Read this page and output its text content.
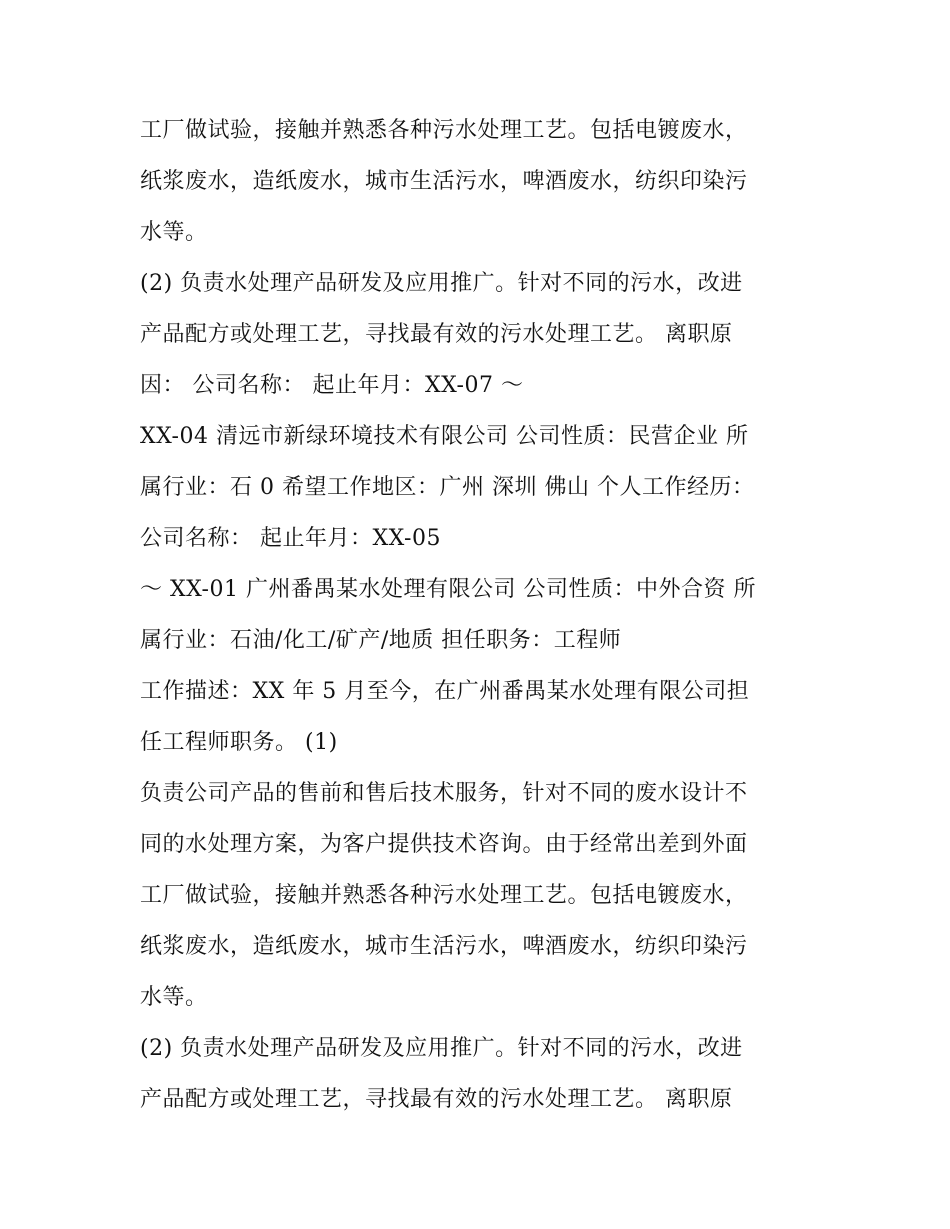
工厂做试验，接触并熟悉各种污水处理工艺。包括电镀废水，
纸浆废水，造纸废水，城市生活污水，啤酒废水，纺织印染污
水等。
(2) 负责水处理产品研发及应用推广。针对不同的污水，改进
产品配方或处理工艺，寻找最有效的污水处理工艺。 离职原
因： 公司名称： 起止年月：XX-07 ～
XX-04 清远市新绿环境技术有限公司 公司性质：民营企业 所
属行业：石 0 希望工作地区：广州 深圳 佛山 个人工作经历：
公司名称： 起止年月：XX-05
～ XX-01 广州番禺某水处理有限公司 公司性质：中外合资 所
属行业：石油/化工/矿产/地质 担任职务：工程师
工作描述：XX 年 5 月至今，在广州番禺某水处理有限公司担
任工程师职务。 (1)
负责公司产品的售前和售后技术服务，针对不同的废水设计不
同的水处理方案，为客户提供技术咨询。由于经常出差到外面
工厂做试验，接触并熟悉各种污水处理工艺。包括电镀废水，
纸浆废水，造纸废水，城市生活污水，啤酒废水，纺织印染污
水等。
(2) 负责水处理产品研发及应用推广。针对不同的污水，改进
产品配方或处理工艺，寻找最有效的污水处理工艺。 离职原
